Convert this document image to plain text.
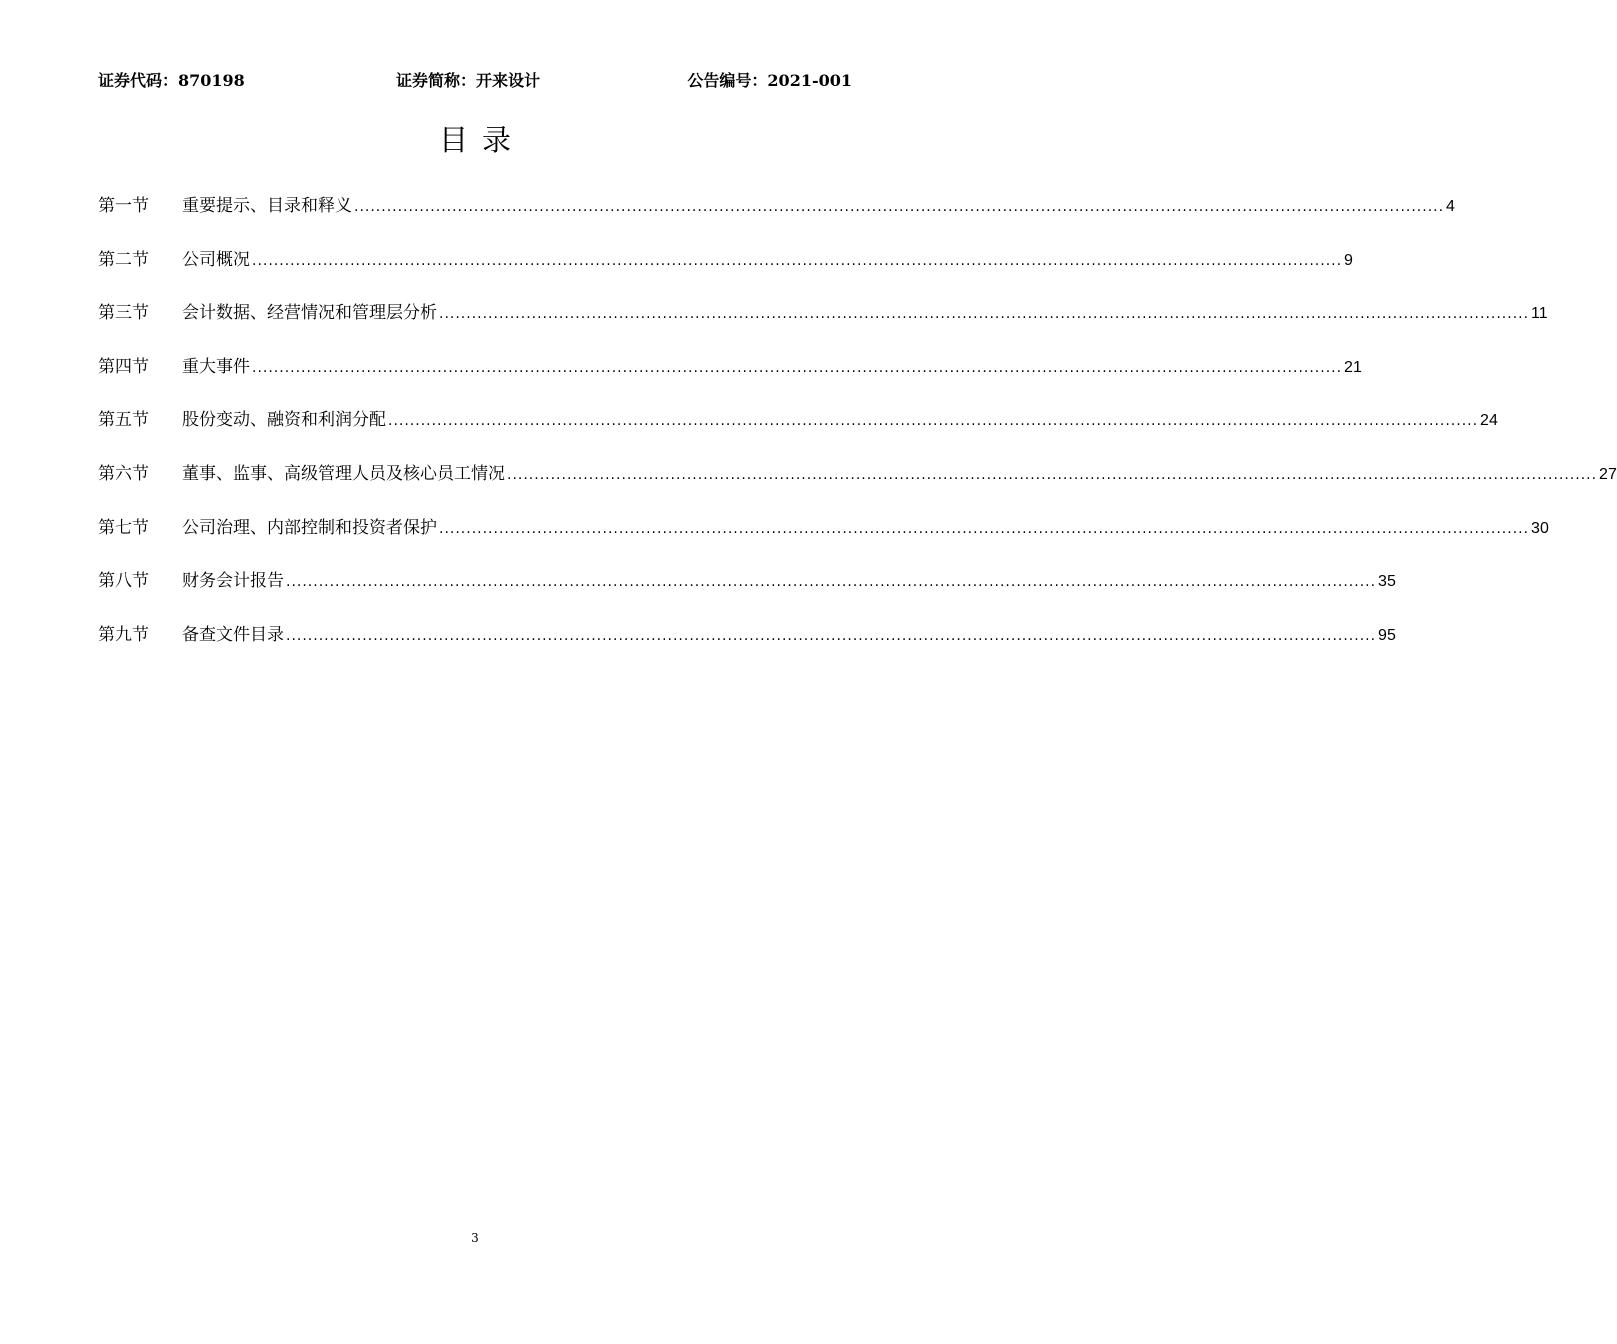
证券代码：870198	证券简称：开来设计	公告编号：2021-001
目录
第一节	重要提示、目录和释义 ........................................................................................................................................................................................................ 4
第二节	公司概况 ........................................................................................................................................................................................................ 9
第三节	会计数据、经营情况和管理层分析 ........................................................................................................................................................................................................ 11
第四节	重大事件 ........................................................................................................................................................................................................ 21
第五节	股份变动、融资和利润分配 ........................................................................................................................................................................................................ 24
第六节	董事、监事、高级管理人员及核心员工情况 ........................................................................................................................................................................................................ 27
第七节	公司治理、内部控制和投资者保护 ........................................................................................................................................................................................................ 30
第八节	财务会计报告 ........................................................................................................................................................................................................ 35
第九节	备查文件目录 ........................................................................................................................................................................................................ 95
3
